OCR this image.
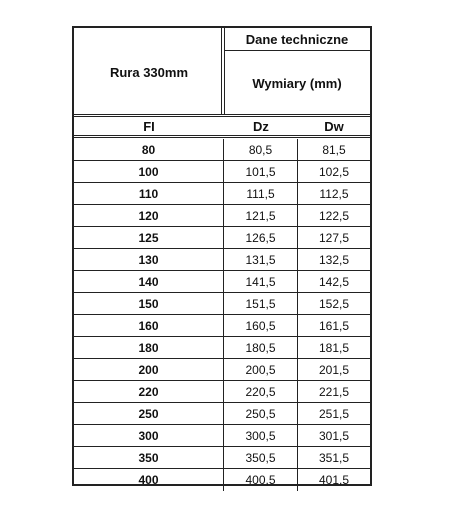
Rura 330mm
Dane techniczne
Wymiary (mm)
FI	Dz	Dw
80	80,5	81,5
100	101,5	102,5
110	111,5	112,5
120	121,5	122,5
125	126,5	127,5
130	131,5	132,5
140	141,5	142,5
150	151,5	152,5
160	160,5	161,5
180	180,5	181,5
200	200,5	201,5
220	220,5	221,5
250	250,5	251,5
300	300,5	301,5
350	350,5	351,5
400	400,5	401,5
